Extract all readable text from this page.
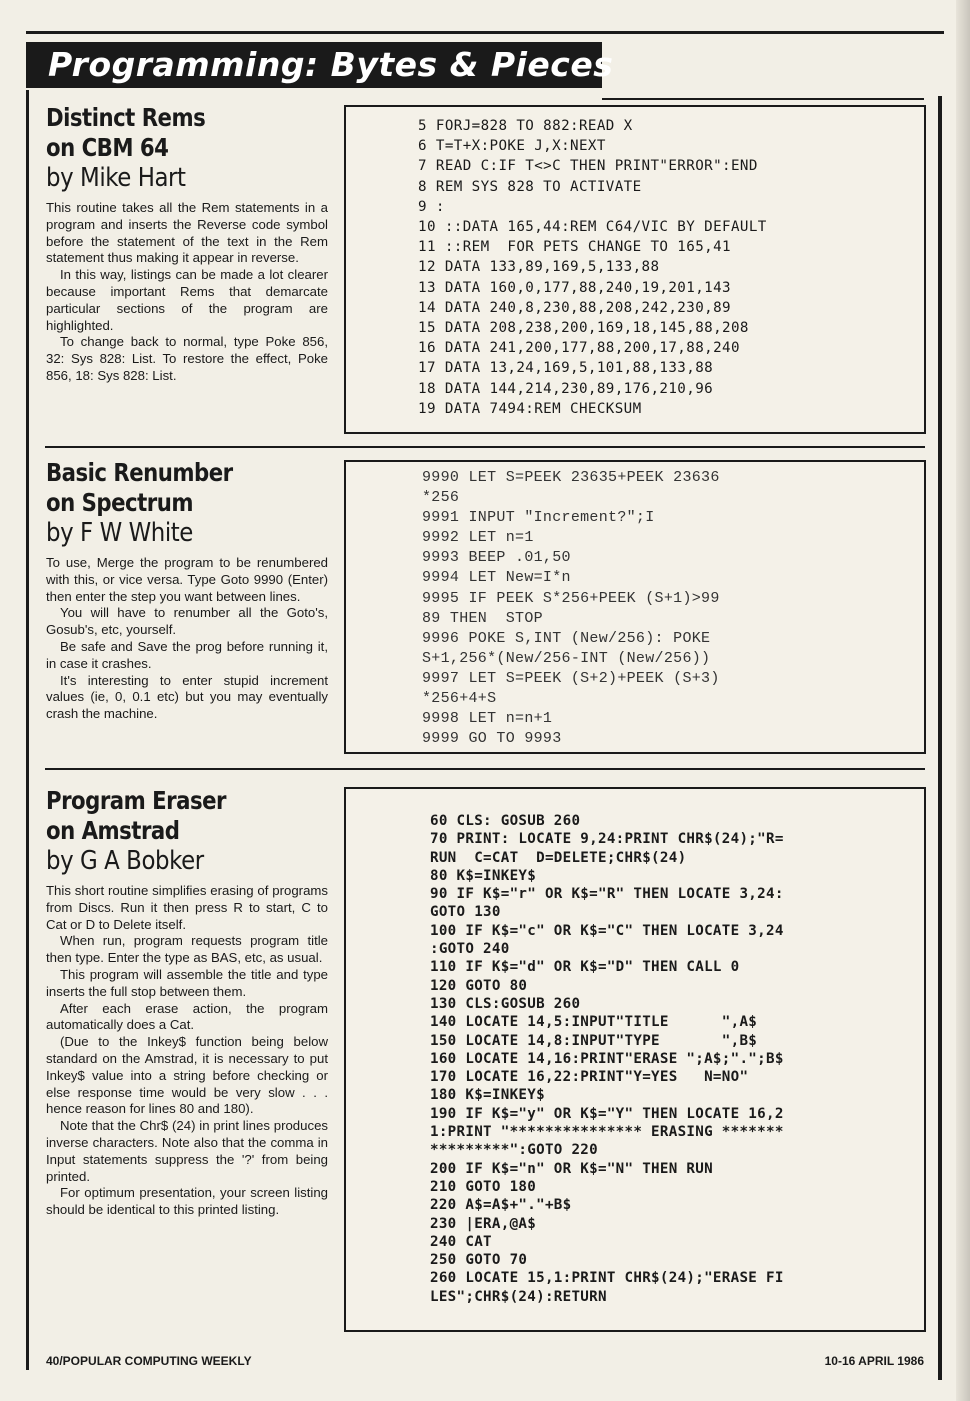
Programming: Bytes & Pieces
Distinct Rems
on CBM 64
by Mike Hart

This routine takes all the Rem statements in a program and inserts the Reverse code symbol before the statement of the text in the Rem statement thus making it appear in reverse.

In this way, listings can be made a lot clearer because important Rems that demarcate particular sections of the program are highlighted.

To change back to normal, type Poke 856, 32: Sys 828: List. To restore the effect, Poke 856, 18: Sys 828: List.

5 FORJ=828 TO 882:READ X
6 T=T+X:POKE J,X:NEXT
7 READ C:IF T<>C THEN PRINT"ERROR":END
8 REM SYS 828 TO ACTIVATE
9 :
10 ::DATA 165,44:REM C64/VIC BY DEFAULT
11 ::REM  FOR PETS CHANGE TO 165,41
12 DATA 133,89,169,5,133,88
13 DATA 160,0,177,88,240,19,201,143
14 DATA 240,8,230,88,208,242,230,89
15 DATA 208,238,200,169,18,145,88,208
16 DATA 241,200,177,88,200,17,88,240
17 DATA 13,24,169,5,101,88,133,88
18 DATA 144,214,230,89,176,210,96
19 DATA 7494:REM CHECKSUM
Basic Renumber
on Spectrum
by F W White

To use, Merge the program to be renumbered with this, or vice versa. Type Goto 9990 (Enter) then enter the step you want between lines.

You will have to renumber all the Goto's, Gosub's, etc, yourself.

Be safe and Save the prog before running it, in case it crashes.

It's interesting to enter stupid increment values (ie, 0, 0.1 etc) but you may eventually crash the machine.

9990 LET S=PEEK 23635+PEEK 23636
*256
9991 INPUT "Increment?";I
9992 LET n=1
9993 BEEP .01,50
9994 LET New=I*n
9995 IF PEEK S*256+PEEK (S+1)>99
89 THEN  STOP
9996 POKE S,INT (New/256): POKE
S+1,256*(New/256-INT (New/256))
9997 LET S=PEEK (S+2)+PEEK (S+3)
*256+4+S
9998 LET n=n+1
9999 GO TO 9993
Program Eraser
on Amstrad
by G A Bobker

This short routine simplifies erasing of programs from Discs. Run it then press R to start, C to Cat or D to Delete itself.

When run, program requests program title then type. Enter the type as BAS, etc, as usual.

This program will assemble the title and type inserts the full stop between them.

After each erase action, the program automatically does a Cat.

(Due to the Inkey$ function being below standard on the Amstrad, it is necessary to put Inkey$ value into a string before checking or else response time would be very slow . . . hence reason for lines 80 and 180).

Note that the Chr$ (24) in print lines produces inverse characters. Note also that the comma in Input statements suppress the '?' from being printed.

For optimum presentation, your screen listing should be identical to this printed listing.

60 CLS: GOSUB 260
70 PRINT: LOCATE 9,24:PRINT CHR$(24);"R=
RUN  C=CAT  D=DELETE;CHR$(24)
80 K$=INKEY$
90 IF K$="r" OR K$="R" THEN LOCATE 3,24:
GOTO 130
100 IF K$="c" OR K$="C" THEN LOCATE 3,24
:GOTO 240
110 IF K$="d" OR K$="D" THEN CALL 0
120 GOTO 80
130 CLS:GOSUB 260
140 LOCATE 14,5:INPUT"TITLE      ",A$
150 LOCATE 14,8:INPUT"TYPE       ",B$
160 LOCATE 14,16:PRINT"ERASE ";A$;".";B$
170 LOCATE 16,22:PRINT"Y=YES   N=NO"
180 K$=INKEY$
190 IF K$="y" OR K$="Y" THEN LOCATE 16,2
1:PRINT "*************** ERASING *******
*********":GOTO 220
200 IF K$="n" OR K$="N" THEN RUN
210 GOTO 180
220 A$=A$+"."+B$
230 |ERA,@A$
240 CAT
250 GOTO 70
260 LOCATE 15,1:PRINT CHR$(24);"ERASE FI
LES";CHR$(24):RETURN
40/POPULAR COMPUTING WEEKLY	10-16 APRIL 1986
